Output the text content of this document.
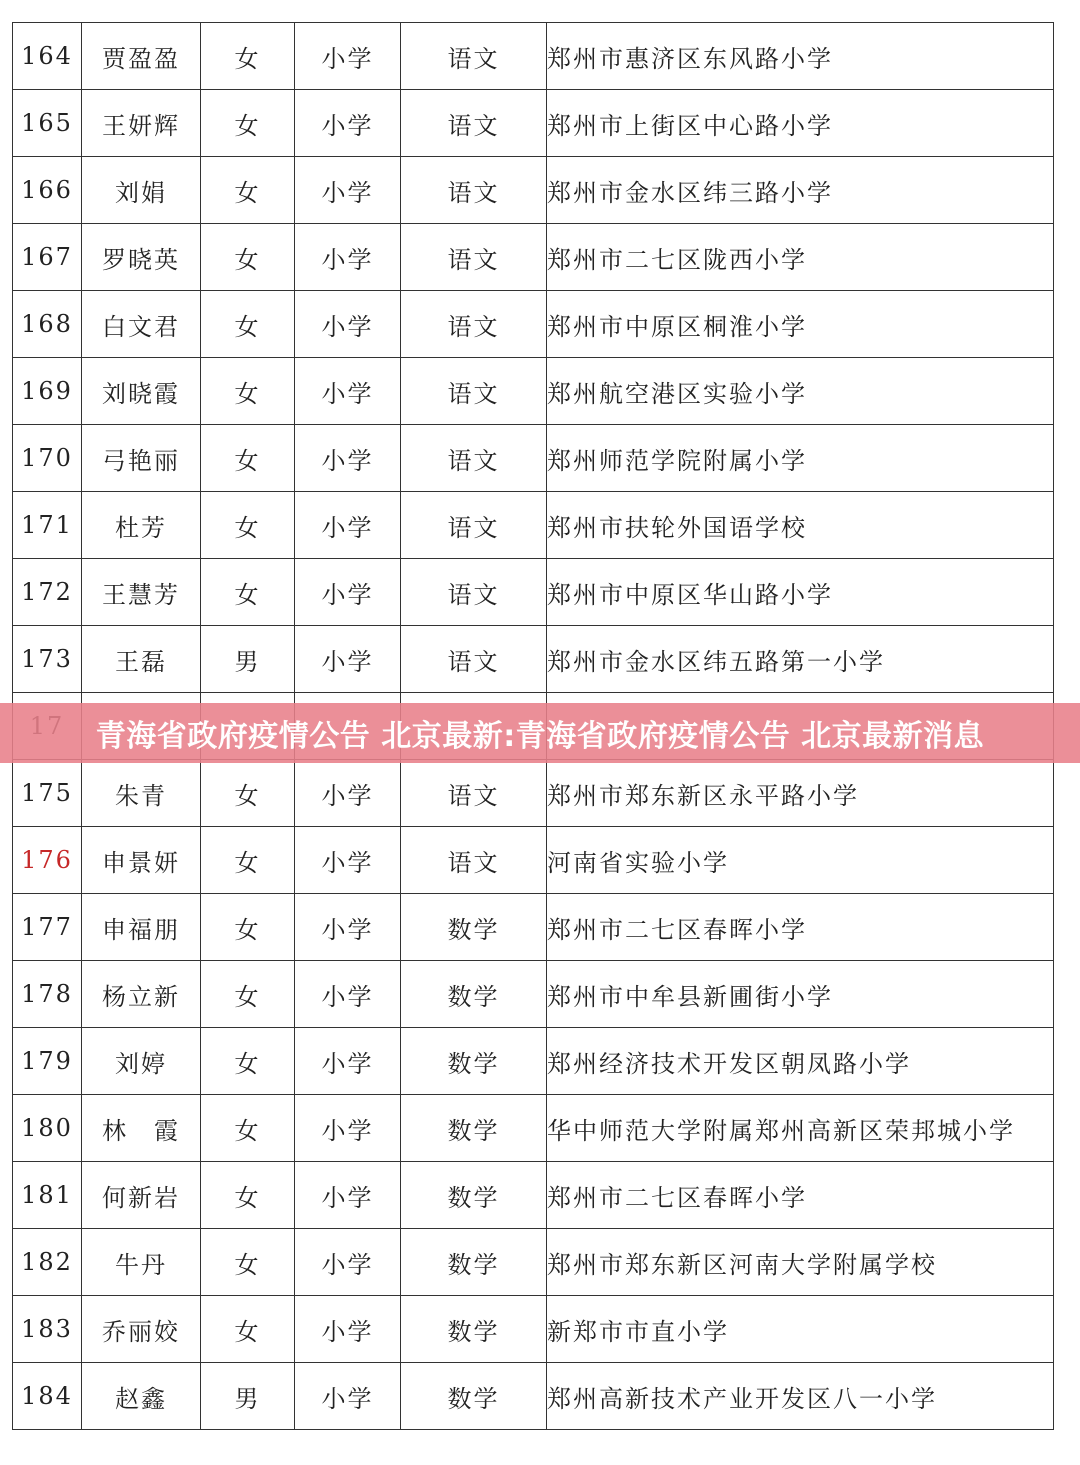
164	贾盈盈	女	小学	语文	郑州市惠济区东风路小学
165	王妍辉	女	小学	语文	郑州市上街区中心路小学
166	刘娟	女	小学	语文	郑州市金水区纬三路小学
167	罗晓英	女	小学	语文	郑州市二七区陇西小学
168	白文君	女	小学	语文	郑州市中原区桐淮小学
169	刘晓霞	女	小学	语文	郑州航空港区实验小学
170	弓艳丽	女	小学	语文	郑州师范学院附属小学
171	杜芳	女	小学	语文	郑州市扶轮外国语学校
172	王慧芳	女	小学	语文	郑州市中原区华山路小学
173	王磊	男	小学	语文	郑州市金水区纬五路第一小学

175	朱青	女	小学	语文	郑州市郑东新区永平路小学
176	申景妍	女	小学	语文	河南省实验小学
177	申福朋	女	小学	数学	郑州市二七区春晖小学
178	杨立新	女	小学	数学	郑州市中牟县新圃街小学
179	刘婷	女	小学	数学	郑州经济技术开发区朝凤路小学
180	林　霞	女	小学	数学	华中师范大学附属郑州高新区荣邦城小学
181	何新岩	女	小学	数学	郑州市二七区春晖小学
182	牛丹	女	小学	数学	郑州市郑东新区河南大学附属学校
183	乔丽姣	女	小学	数学	新郑市市直小学
184	赵鑫	男	小学	数学	郑州高新技术产业开发区八一小学
青海省政府疫情公告 北京最新:青海省政府疫情公告 北京最新消息
